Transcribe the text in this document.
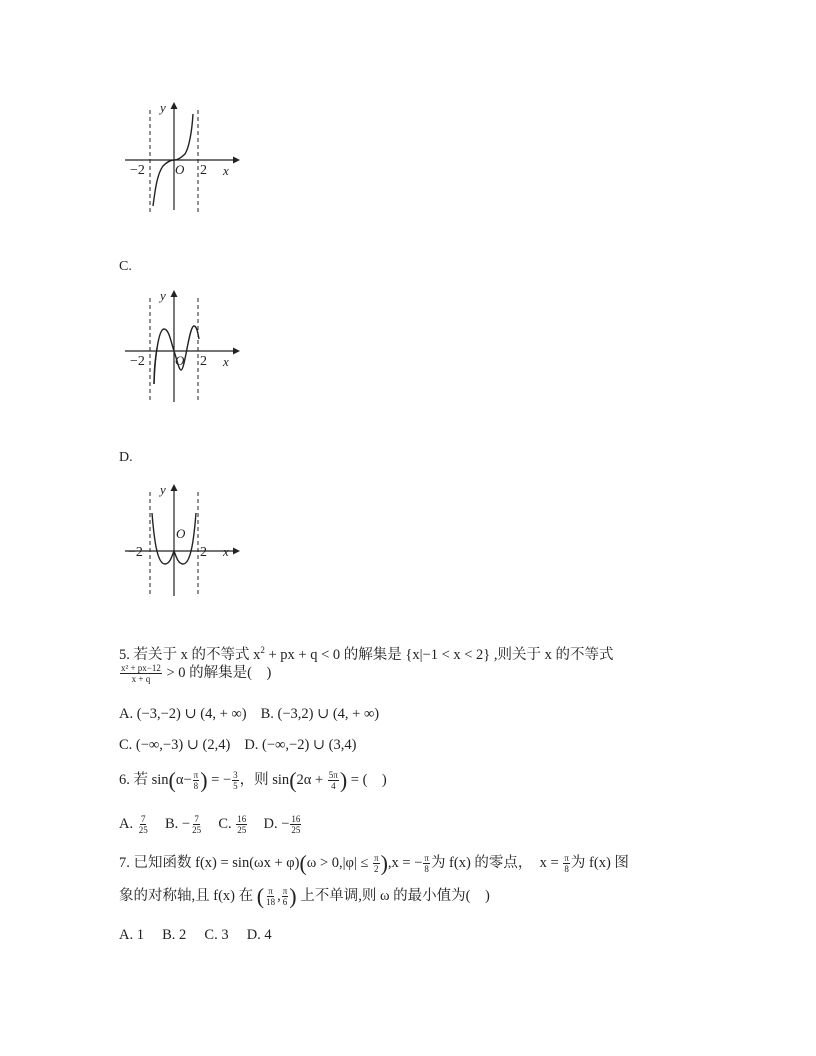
y
x
O
−2	2
C.
y
x
O
−2	2
D.
y
x
O
−2	2
5. 若关于 x 的不等式 $x^2$ + px + q < 0 的解集是 {x|−1 < x < 2} ,则关于 x 的不等式
$\frac{\text{x² + px−12}}{x + q} > 0$ 的解集是(　)
A. (−3,−2) ∪ (4, + ∞) B. (−3,2) ∪ (4, + ∞)
C. (−∞,−3) ∪ (2,4) D. (−∞,−2) ∪ (3,4)
6. 若 $\sin(\alpha- \frac{\pi}{8}$ ) = − $\frac{3}{5}$ ，则 $\sin(2\alpha + \frac{5\pi}{4}$ ) = (　)
A. $\frac{7}{25} B$. − $\frac{7}{25} C$. $\frac{16}{25} D$. − $\frac{16}{25}$
7. 已知函数 $f(x) = \sin(\omega x + \varphi)(\omega > 0,|\varphi| \le \frac{\pi}{2} ),x$ = − $\frac{\pi}{8}$ 为 f(x) 的零点，　$x = \frac{\pi}{8}$ 为 f(x) 图
象的对称轴,且 f(x) 在 ( $\frac{\pi}{18}$ , $\frac{\pi}{6}$ ) 上不单调,则 ω 的最小值为(　)
A. 1　 B. 2　 C. 3　 D. 4
